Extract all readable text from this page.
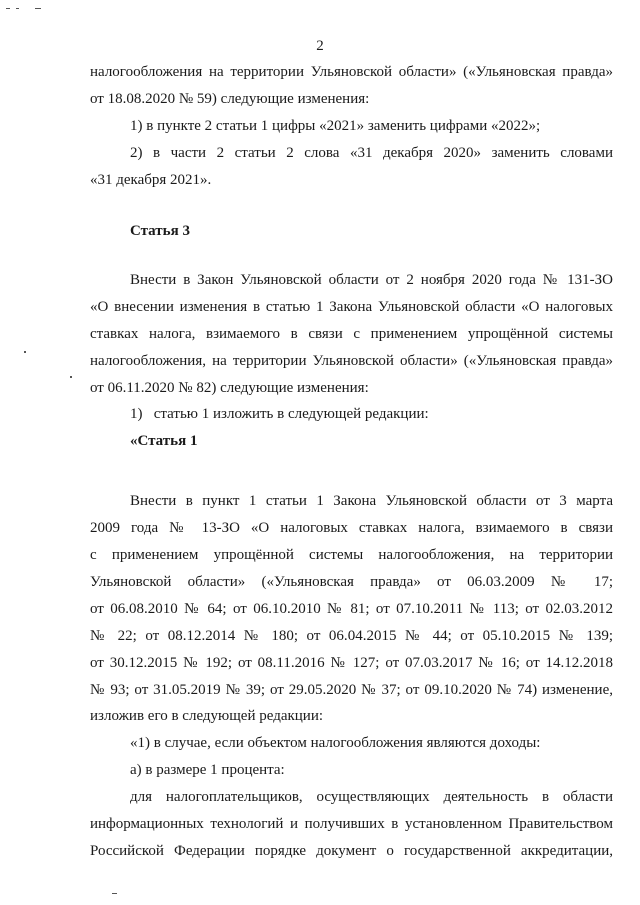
2
налогообложения на территории Ульяновской области» («Ульяновская правда»
от 18.08.2020 № 59) следующие изменения:
1) в пункте 2 статьи 1 цифры «2021» заменить цифрами «2022»;
2) в части 2 статьи 2 слова «31 декабря 2020» заменить словами
«31 декабря 2021».
Статья 3
Внести в Закон Ульяновской области от 2 ноября 2020 года № 131-ЗО
«О внесении изменения в статью 1 Закона Ульяновской области «О налоговых
ставках налога, взимаемого в связи с применением упрощённой системы
налогообложения, на территории Ульяновской области» («Ульяновская правда»
от 06.11.2020 № 82) следующие изменения:
1)   статью 1 изложить в следующей редакции:
«Статья 1
Внести в пункт 1 статьи 1 Закона Ульяновской области от 3 марта
2009 года № 13-ЗО «О налоговых ставках налога, взимаемого в связи
с применением упрощённой системы налогообложения, на территории
Ульяновской области» («Ульяновская правда» от 06.03.2009 № 17;
от 06.08.2010 № 64; от 06.10.2010 № 81; от 07.10.2011 № 113; от 02.03.2012
№ 22; от 08.12.2014 № 180; от 06.04.2015 № 44; от 05.10.2015 № 139;
от 30.12.2015 № 192; от 08.11.2016 № 127; от 07.03.2017 № 16; от 14.12.2018
№ 93; от 31.05.2019 № 39; от 29.05.2020 № 37; от 09.10.2020 № 74) изменение,
изложив его в следующей редакции:
«1) в случае, если объектом налогообложения являются доходы:
а) в размере 1 процента:
для налогоплательщиков, осуществляющих деятельность в области
информационных технологий и получивших в установленном Правительством
Российской Федерации порядке документ о государственной аккредитации,
